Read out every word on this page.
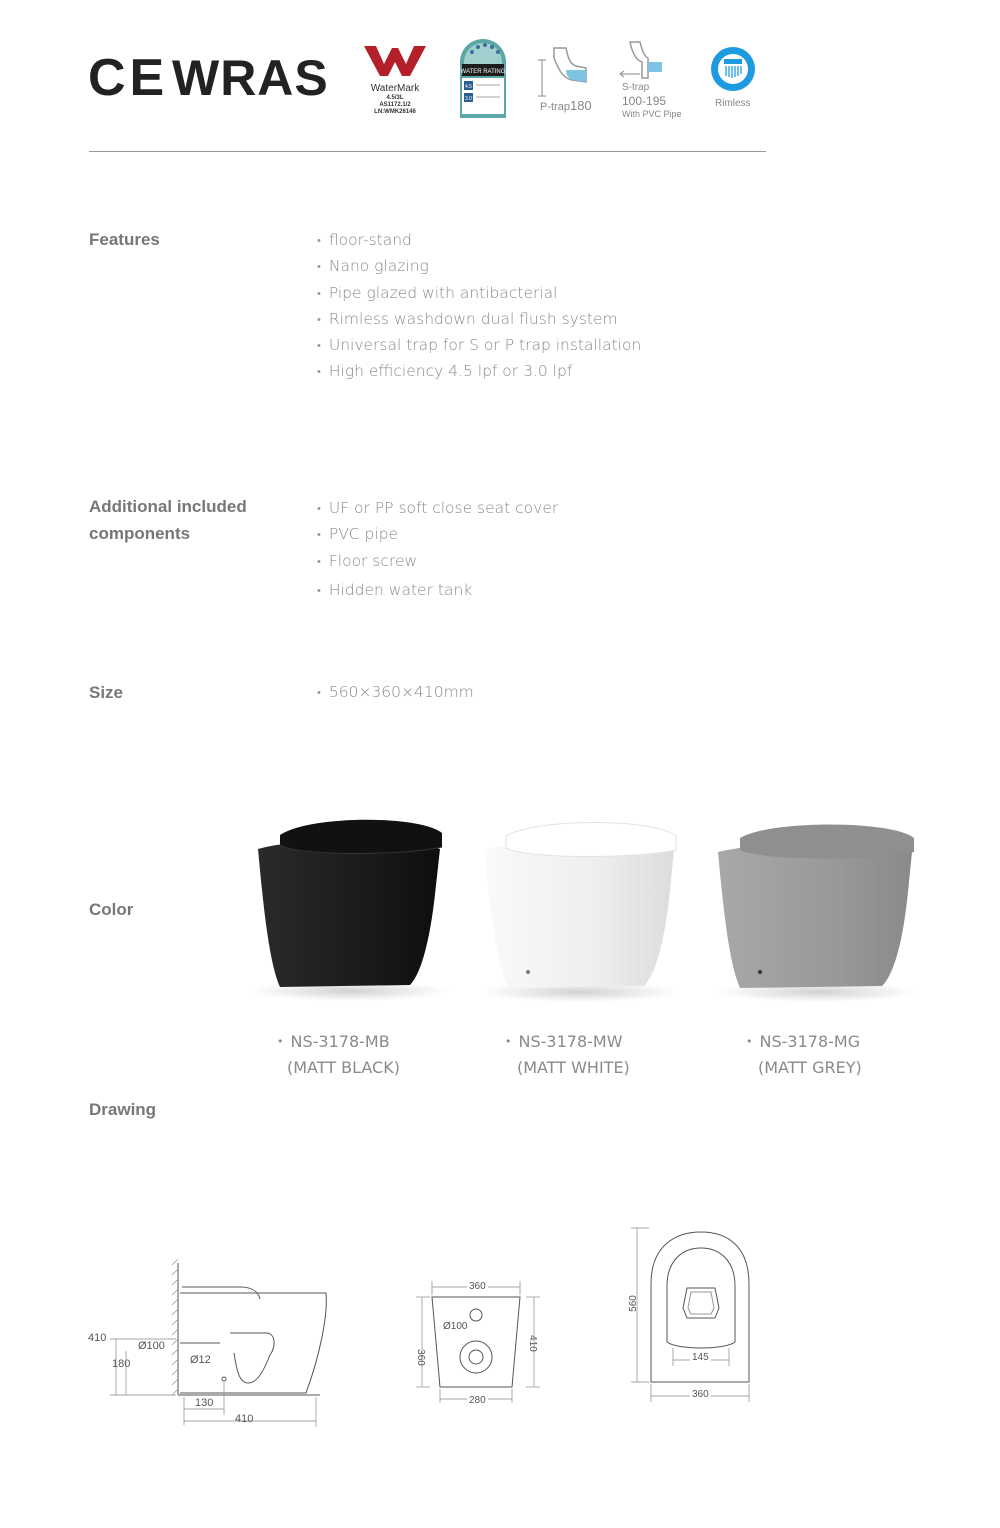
CE WRAS	WaterMark
4.5/3L
AS1172.1/2
LN:WMK26146
WATER RATING
4.5
3.0
P-trap180
S-trap
100-195
With PVC Pipe
Rimless
Features	• floor-stand
• Nano glazing
• Pipe glazed with antibacterial
• Rimless washdown dual flush system
• Universal trap for S or P trap installation
• High efficiency 4.5 lpf or 3.0 lpf
Additional included
components
• UF or PP soft close seat cover
• PVC pipe
• Floor screw
• Hidden water tank
Size	• 560×360×410mm
Color
• NS-3178-MB
(MATT BLACK)
• NS-3178-MW
(MATT WHITE)
• NS-3178-MG
(MATT GREY)
Drawing
410
180
Ø100
Ø12
130
410
360
Ø100
360
410
280
560
145
360
